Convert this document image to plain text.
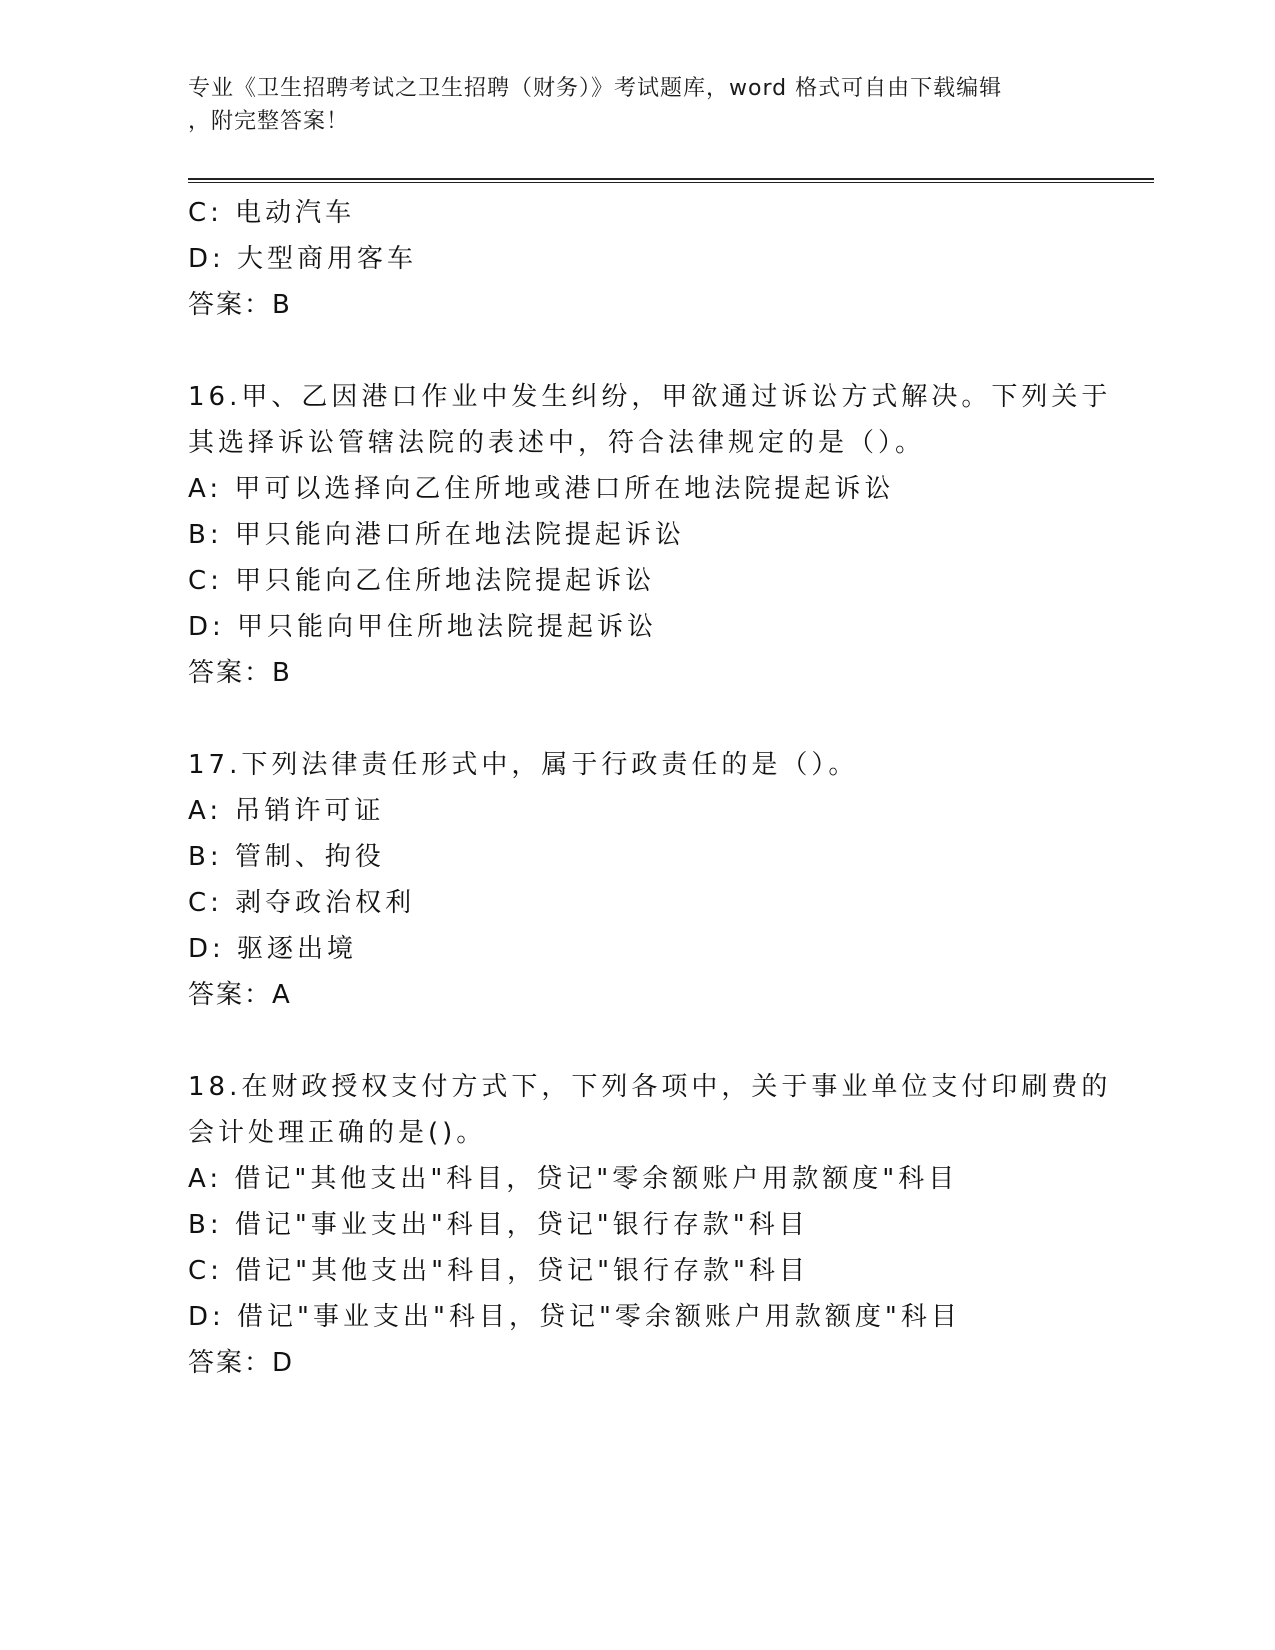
专业《卫生招聘考试之卫生招聘（财务）》考试题库，word 格式可自由下载编辑
，附完整答案！
C: 电动汽车
D: 大型商用客车
答案：B
16.甲、乙因港口作业中发生纠纷，甲欲通过诉讼方式解决。下列关于
其选择诉讼管辖法院的表述中，符合法律规定的是（）。
A: 甲可以选择向乙住所地或港口所在地法院提起诉讼
B: 甲只能向港口所在地法院提起诉讼
C: 甲只能向乙住所地法院提起诉讼
D: 甲只能向甲住所地法院提起诉讼
答案：B
17.下列法律责任形式中，属于行政责任的是（）。
A: 吊销许可证
B: 管制、拘役
C: 剥夺政治权利
D: 驱逐出境
答案：A
18.在财政授权支付方式下，下列各项中，关于事业单位支付印刷费的
会计处理正确的是()。
A: 借记"其他支出"科目，贷记"零余额账户用款额度"科目
B: 借记"事业支出"科目，贷记"银行存款"科目
C: 借记"其他支出"科目，贷记"银行存款"科目
D: 借记"事业支出"科目，贷记"零余额账户用款额度"科目
答案：D
